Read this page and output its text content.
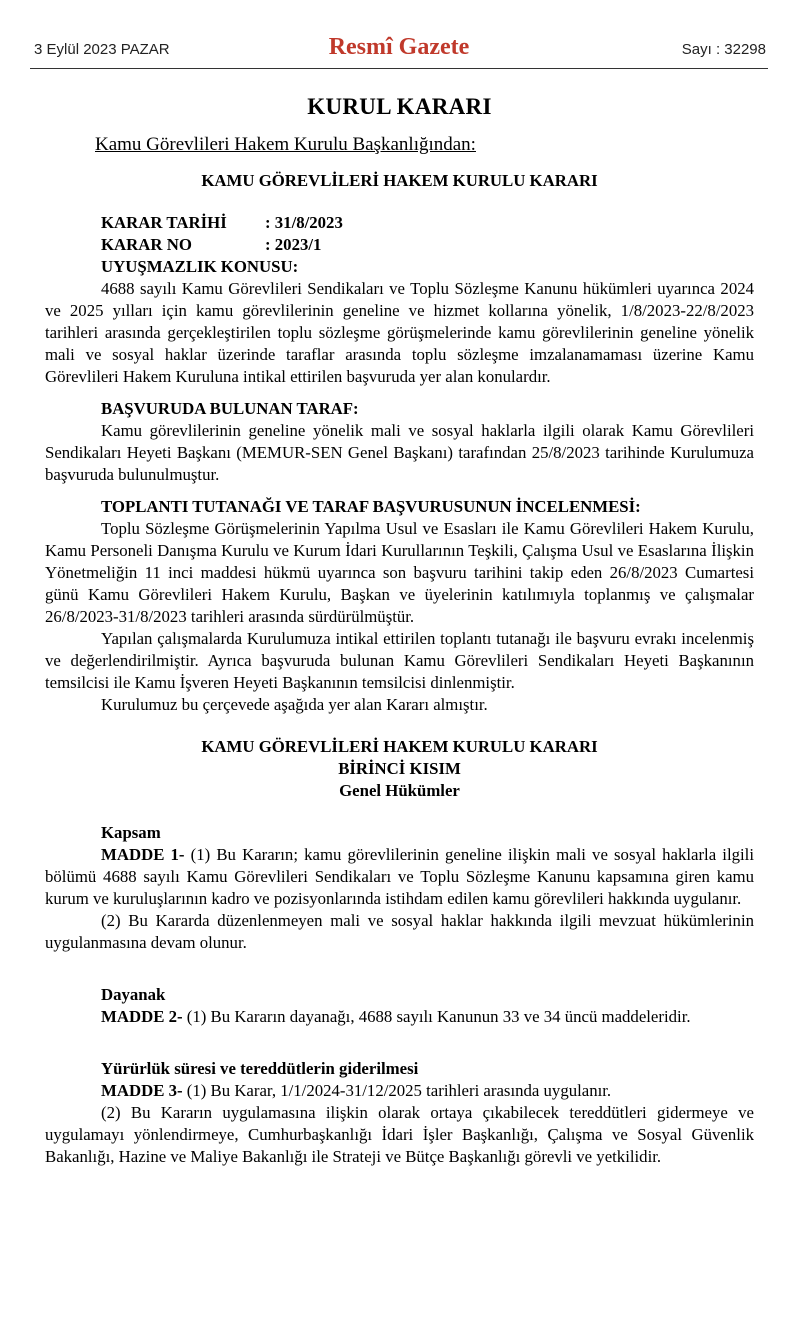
3 Eylül 2023 PAZAR	Resmî Gazete	Sayı : 32298
KURUL KARARI
Kamu Görevlileri Hakem Kurulu Başkanlığından:
KAMU GÖREVLİLERİ HAKEM KURULU KARARI
KARAR TARİHİ	: 31/8/2023
KARAR NO	: 2023/1
UYUŞMAZLIK KONUSU:

4688 sayılı Kamu Görevlileri Sendikaları ve Toplu Sözleşme Kanunu hükümleri uyarınca 2024 ve 2025 yılları için kamu görevlilerinin geneline ve hizmet kollarına yönelik, 1/8/2023-22/8/2023 tarihleri arasında gerçekleştirilen toplu sözleşme görüşmelerinde kamu görevlilerinin geneline yönelik mali ve sosyal haklar üzerinde taraflar arasında toplu sözleşme imzalanamaması üzerine Kamu Görevlileri Hakem Kuruluna intikal ettirilen başvuruda yer alan konulardır.

BAŞVURUDA BULUNAN TARAF:

Kamu görevlilerinin geneline yönelik mali ve sosyal haklarla ilgili olarak Kamu Görevlileri Sendikaları Heyeti Başkanı (MEMUR-SEN Genel Başkanı) tarafından 25/8/2023 tarihinde Kurulumuza başvuruda bulunulmuştur.

TOPLANTI TUTANAĞI VE TARAF BAŞVURUSUNUN İNCELENMESİ:

Toplu Sözleşme Görüşmelerinin Yapılma Usul ve Esasları ile Kamu Görevlileri Hakem Kurulu, Kamu Personeli Danışma Kurulu ve Kurum İdari Kurullarının Teşkili, Çalışma Usul ve Esaslarına İlişkin Yönetmeliğin 11 inci maddesi hükmü uyarınca son başvuru tarihini takip eden 26/8/2023 Cumartesi günü Kamu Görevlileri Hakem Kurulu, Başkan ve üyelerinin katılımıyla toplanmış ve çalışmalar 26/8/2023-31/8/2023 tarihleri arasında sürdürülmüştür.

Yapılan çalışmalarda Kurulumuza intikal ettirilen toplantı tutanağı ile başvuru evrakı incelenmiş ve değerlendirilmiştir. Ayrıca başvuruda bulunan Kamu Görevlileri Sendikaları Heyeti Başkanının temsilcisi ile Kamu İşveren Heyeti Başkanının temsilcisi dinlenmiştir.

Kurulumuz bu çerçevede aşağıda yer alan Kararı almıştır.

KAMU GÖREVLİLERİ HAKEM KURULU KARARI
BİRİNCİ KISIM
Genel Hükümler
Kapsam

MADDE 1- (1) Bu Kararın; kamu görevlilerinin geneline ilişkin mali ve sosyal haklarla ilgili bölümü 4688 sayılı Kamu Görevlileri Sendikaları ve Toplu Sözleşme Kanunu kapsamına giren kamu kurum ve kuruluşlarının kadro ve pozisyonlarında istihdam edilen kamu görevlileri hakkında uygulanır.

(2) Bu Kararda düzenlenmeyen mali ve sosyal haklar hakkında ilgili mevzuat hükümlerinin uygulanmasına devam olunur.

Dayanak

MADDE 2- (1) Bu Kararın dayanağı, 4688 sayılı Kanunun 33 ve 34 üncü maddeleridir.

Yürürlük süresi ve tereddütlerin giderilmesi

MADDE 3- (1) Bu Karar, 1/1/2024-31/12/2025 tarihleri arasında uygulanır.

(2) Bu Kararın uygulamasına ilişkin olarak ortaya çıkabilecek tereddütleri gidermeye ve uygulamayı yönlendirmeye, Cumhurbaşkanlığı İdari İşler Başkanlığı, Çalışma ve Sosyal Güvenlik Bakanlığı, Hazine ve Maliye Bakanlığı ile Strateji ve Bütçe Başkanlığı görevli ve yetkilidir.
